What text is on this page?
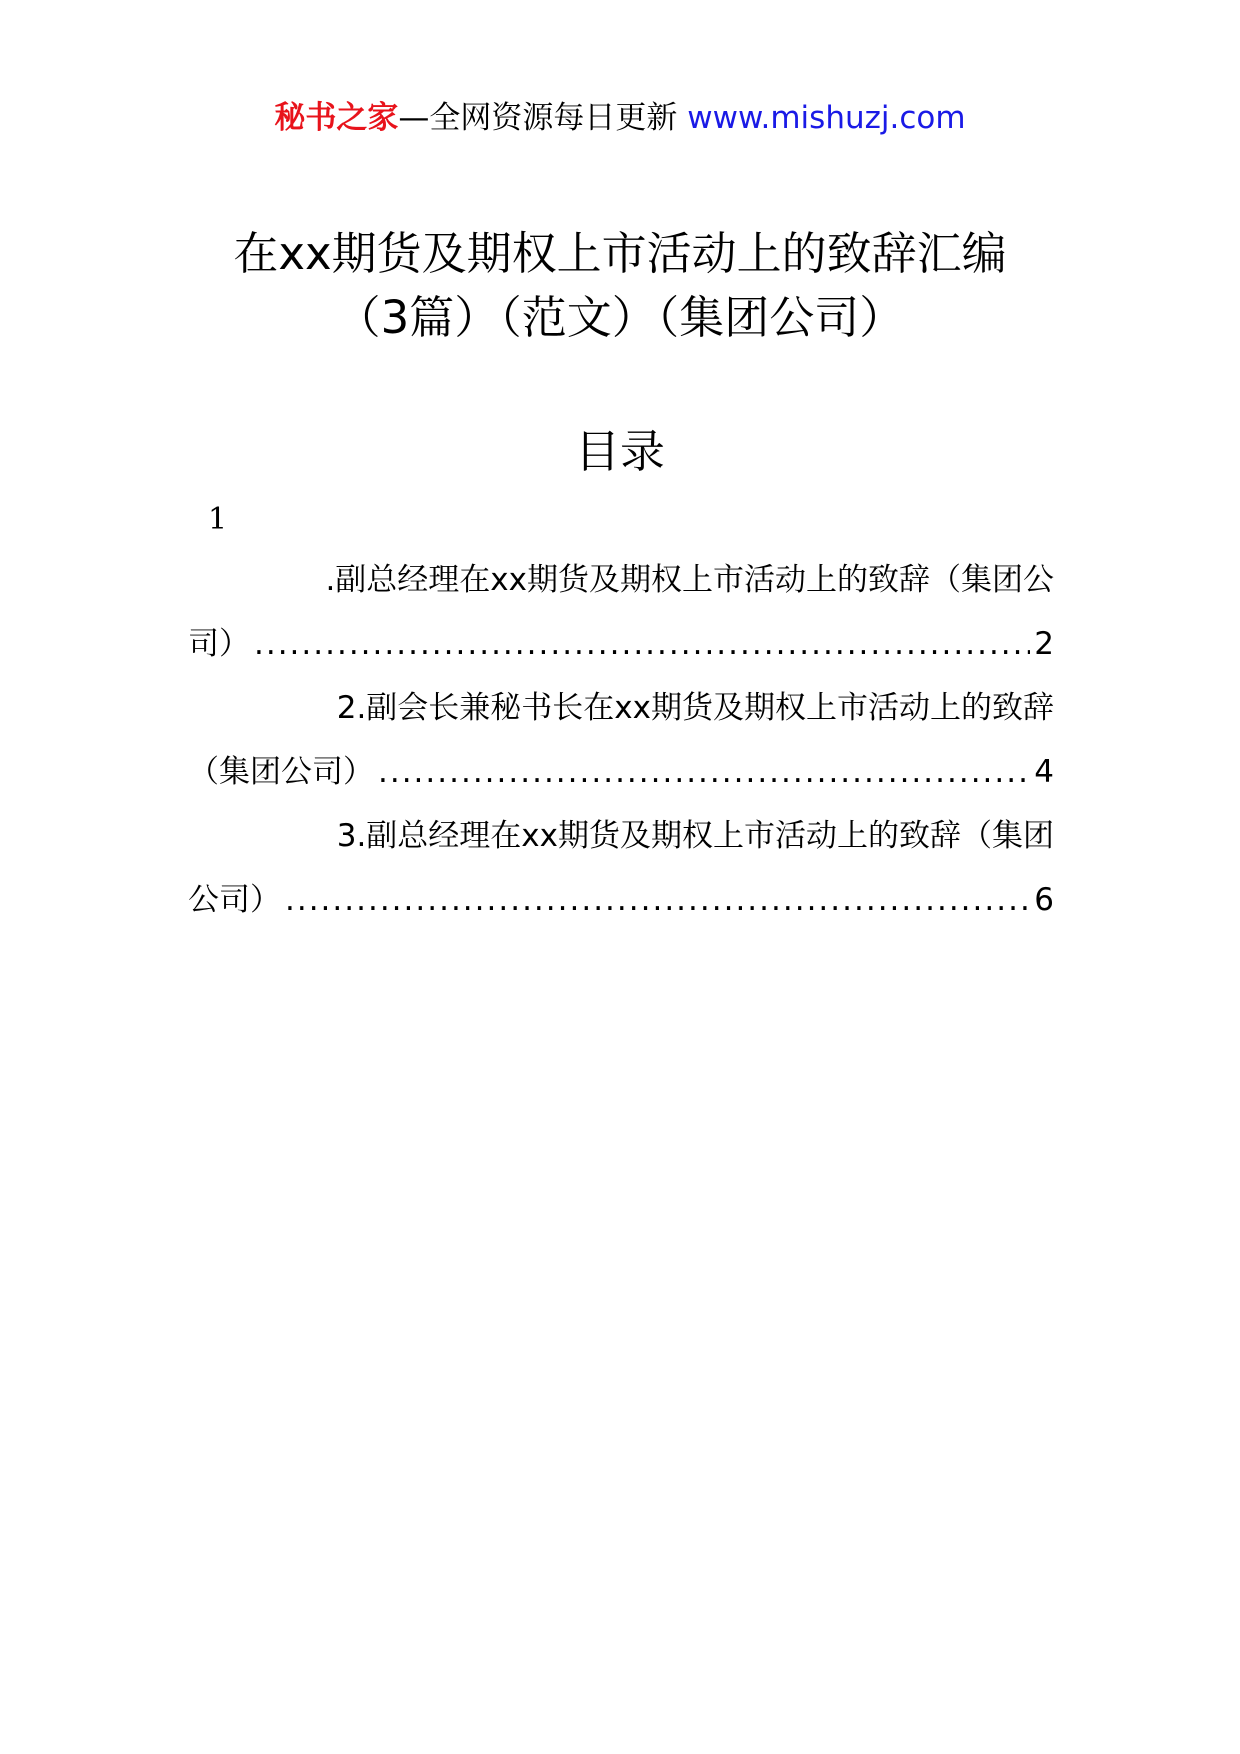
秘书之家—全网资源每日更新 www.mishuzj.com
在xx期货及期权上市活动上的致辞汇编
（3篇）（范文）（集团公司）
目录
1
.副总经理在xx期货及期权上市活动上的致辞（集团公
司） .....	2
2.副会长兼秘书长在xx期货及期权上市活动上的致辞
（集团公司） .....	4
3.副总经理在xx期货及期权上市活动上的致辞（集团
公司） .....	6
